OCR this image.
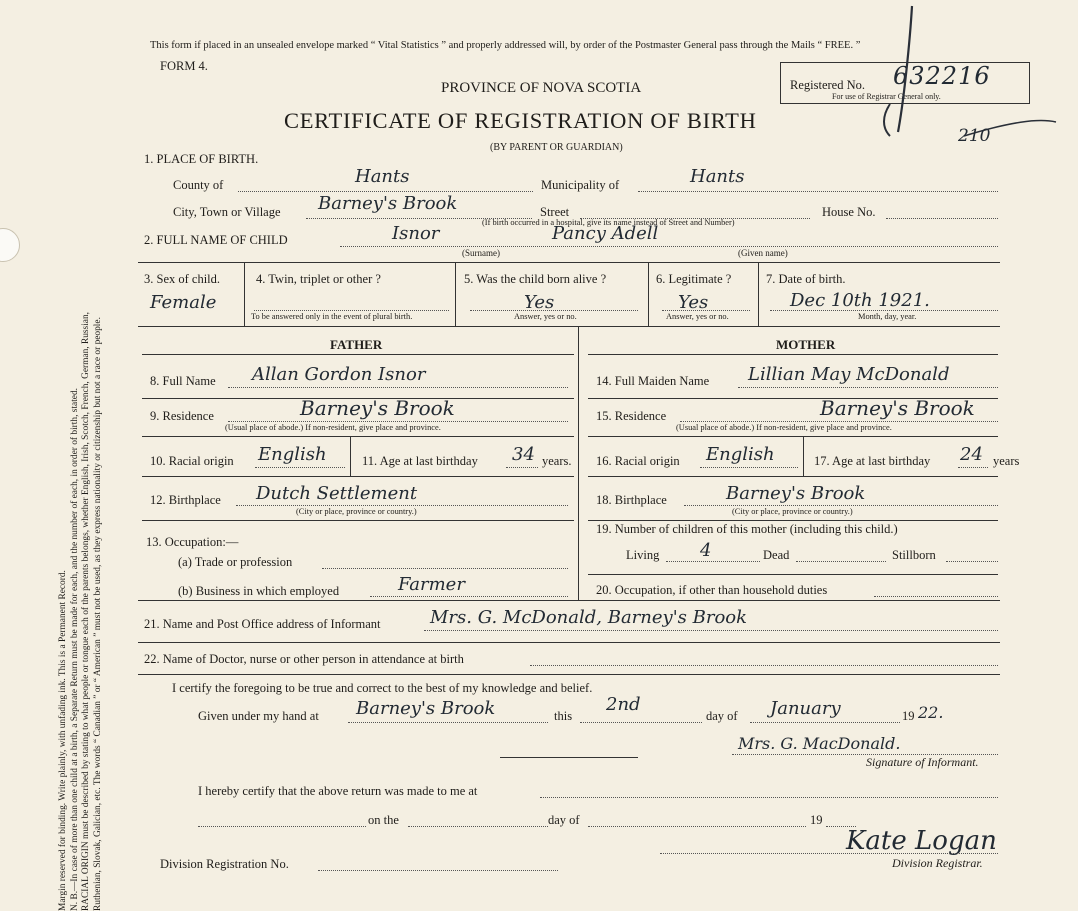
Margin reserved for binding. Write plainly, with unfading ink. This is a Permanent Record. N. B.—In case of more than one child at a birth, a Separate Return must be made for each, and the number of each, in order of birth, stated. RACIAL ORIGIN must be described by stating to what people or tongue each of the parents belongs, whether English, Irish, Scotch, French, German, Russian, Ruthenian, Slovak, Galician, etc. The words “ Canadian ” or “ American ” must not be used, as they express nationality or citizenship but not a race or people.
This form if placed in an unsealed envelope marked “ Vital Statistics ” and properly addressed will, by order of the Postmaster General pass through the Mails “ FREE. ”
FORM 4.
PROVINCE OF NOVA SCOTIA
CERTIFICATE OF REGISTRATION OF BIRTH
(BY PARENT OR GUARDIAN)
Registered No. 632216
For use of Registrar General only.
210
1. PLACE OF BIRTH.
County of	Hants	Municipality of	Hants
City, Town or Village Barney's Brook	Street
(If birth occurred in a hospital, give its name instead of Street and Number)
House No.
2. FULL NAME OF CHILD	Isnor
(Surname)
Pancy Adell
(Given name)
3. Sex of child.
Female
4. Twin, triplet or other ?
To be answered only in the event of plural birth.
5. Was the child born alive ?
Yes
Answer, yes or no.
6. Legitimate ?
Yes
Answer, yes or no.
7. Date of birth.
Dec 10th 1921.
Month, day, year.
FATHER	MOTHER
8. Full Name Allan Gordon Isnor
9. Residence	Barney's Brook
(Usual place of abode.) If non-resident, give place and province.
10. Racial origin English	11. Age at last birthday 34 years.
12. Birthplace Dutch Settlement
(City or place, province or country.)
13. Occupation:—
(a) Trade or profession
(b) Business in which employed	Farmer
14. Full Maiden Name Lillian May McDonald
15. Residence	Barney's Brook
(Usual place of abode.) If non-resident, give place and province.
16. Racial origin English	17. Age at last birthday 24 years
18. Birthplace	Barney's Brook
(City or place, province or country.)
19. Number of children of this mother (including this child.)
Living 4	Dead	Stillborn
20. Occupation, if other than household duties
21. Name and Post Office address of Informant	Mrs. G. McDonald, Barney's Brook
22. Name of Doctor, nurse or other person in attendance at birth
I certify the foregoing to be true and correct to the best of my knowledge and belief.
Given under my hand at Barney's Brook	this
2nd
day of January	19 22.
Mrs. G. MacDonald.
Signature of Informant.
I hereby certify that the above return was made to me at
on the	day of	19
Kate Logan
Division Registration No.	Division Registrar.
